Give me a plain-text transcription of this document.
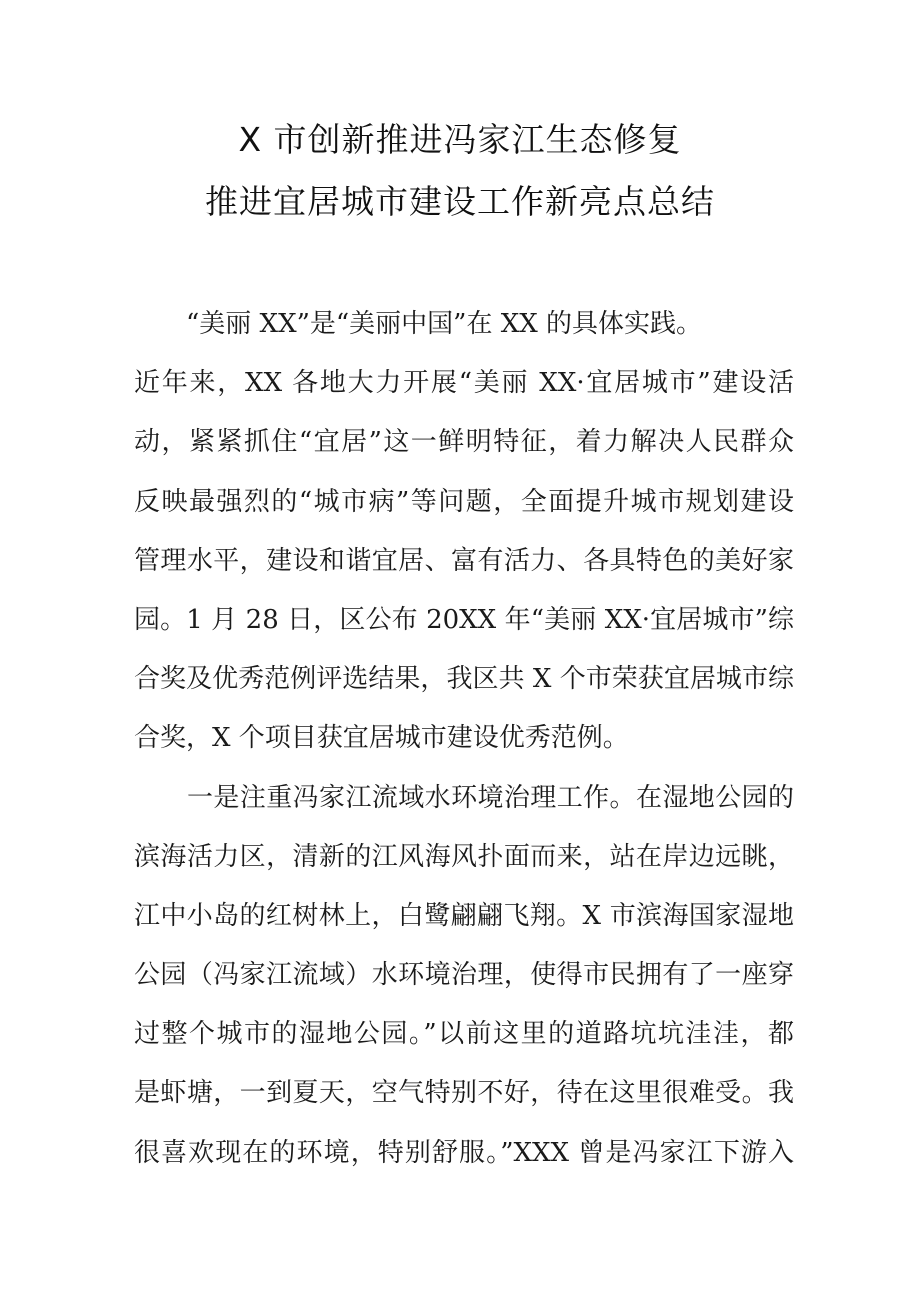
X 市创新推进冯家江生态修复
推进宜居城市建设工作新亮点总结
“美丽 XX”是“美丽中国”在 XX 的具体实践。
近年来，XX 各地大力开展“美丽 XX·宜居城市”建设活
动，紧紧抓住“宜居”这一鲜明特征，着力解决人民群众
反映最强烈的“城市病”等问题，全面提升城市规划建设
管理水平，建设和谐宜居、富有活力、各具特色的美好家
园。1 月 28 日，区公布 20XX 年“美丽 XX·宜居城市”综
合奖及优秀范例评选结果，我区共 X 个市荣获宜居城市综
合奖，X 个项目获宜居城市建设优秀范例。
一是注重冯家江流域水环境治理工作。在湿地公园的
滨海活力区，清新的江风海风扑面而来，站在岸边远眺，
江中小岛的红树林上，白鹭翩翩飞翔。X 市滨海国家湿地
公园（冯家江流域）水环境治理，使得市民拥有了一座穿
过整个城市的湿地公园。”以前这里的道路坑坑洼洼，都
是虾塘，一到夏天，空气特别不好，待在这里很难受。我
很喜欢现在的环境，特别舒服。”XXX 曾是冯家江下游入
